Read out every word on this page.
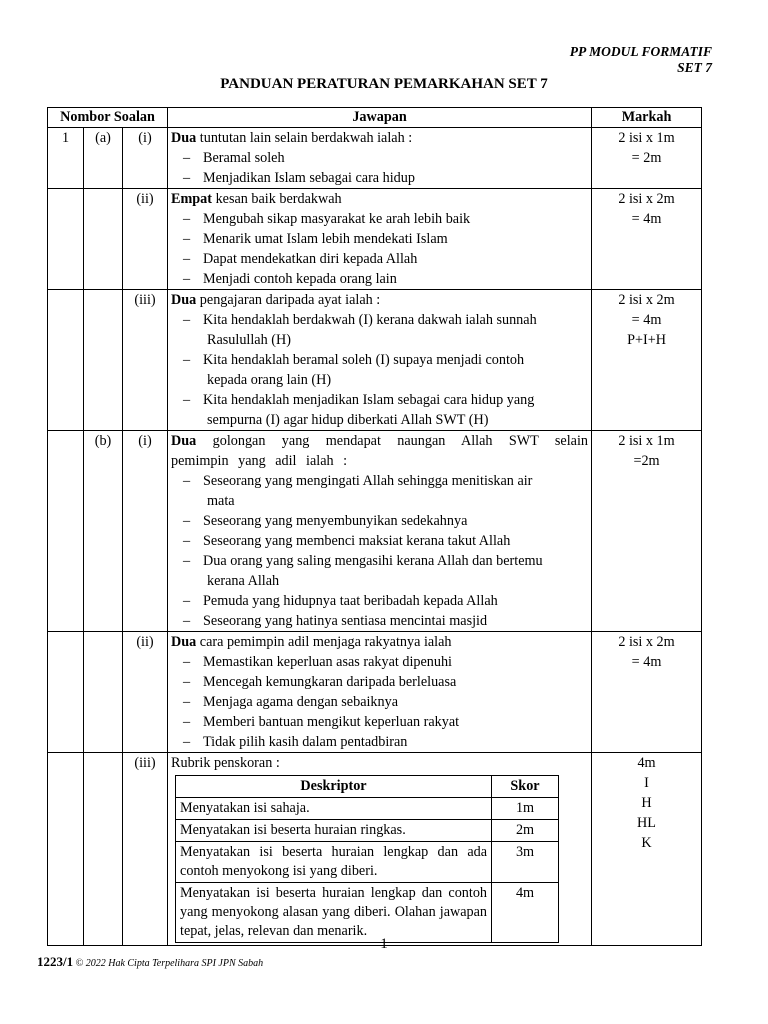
PP MODUL FORMATIF
SET 7
PANDUAN PERATURAN PEMARKAHAN SET 7
Nombor Soalan	Jawapan	Markah
1	(a)	(i)	Dua tuntutan lain selain berdakwah ialah :
– Beramal soleh
– Menjadikan Islam sebagai cara hidup

2 isi x 1m
= 2m

		(ii)	Empat kesan baik berdakwah
– Mengubah sikap masyarakat ke arah lebih baik
– Menarik umat Islam lebih mendekati Islam
– Dapat mendekatkan diri kepada Allah
– Menjadi contoh kepada orang lain

2 isi x 2m
= 4m

		(iii)	Dua pengajaran daripada ayat ialah :
– Kita hendaklah berdakwah (I) kerana dakwah ialah sunnah
Rasulullah (H)
– Kita hendaklah beramal soleh (I) supaya menjadi contoh
kepada orang lain (H)
– Kita hendaklah menjadikan Islam sebagai cara hidup yang
sempurna (I) agar hidup diberkati Allah SWT (H)

2 isi x 2m
= 4m
P+I+H

	(b)	(i)	Dua golongan yang mendapat naungan Allah SWT selain pemimpin yang adil ialah :
– Seseorang yang mengingati Allah sehingga menitiskan air
mata
– Seseorang yang menyembunyikan sedekahnya
– Seseorang yang membenci maksiat kerana takut Allah
– Dua orang yang saling mengasihi kerana Allah dan bertemu
kerana Allah
– Pemuda yang hidupnya taat beribadah kepada Allah
– Seseorang yang hatinya sentiasa mencintai masjid

2 isi x 1m
=2m

		(ii)	Dua cara pemimpin adil menjaga rakyatnya ialah
– Memastikan keperluan asas rakyat dipenuhi
– Mencegah kemungkaran daripada berleluasa
– Menjaga agama dengan sebaiknya
– Memberi bantuan mengikut keperluan rakyat
– Tidak pilih kasih dalam pentadbiran

2 isi x 2m
= 4m

		(iii)	Rubrik penskoran :
Deskriptor	Skor
Menyatakan isi sahaja.	1m
Menyatakan isi beserta huraian ringkas.	2m
Menyatakan isi beserta huraian lengkap dan ada contoh menyokong isi yang diberi.	3m
Menyatakan isi beserta huraian lengkap dan contoh yang menyokong alasan yang diberi. Olahan jawapan tepat, jelas, relevan dan menarik.	4m

4m
I
H
HL
K
1
1223/1 © 2022 Hak Cipta Terpelihara SPI JPN Sabah
